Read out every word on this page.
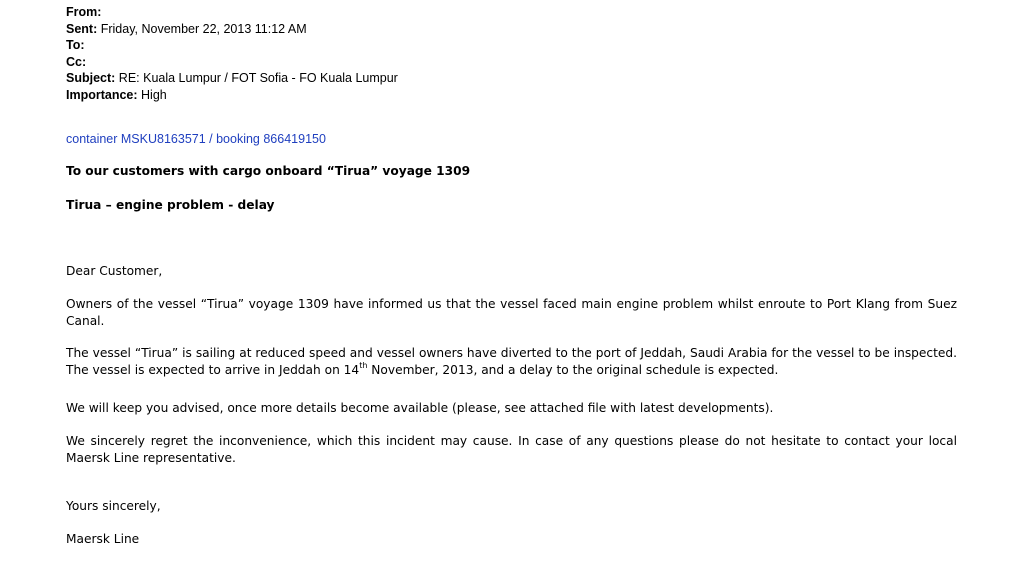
From:
Sent: Friday, November 22, 2013 11:12 AM
To:
Cc:
Subject: RE: Kuala Lumpur / FOT Sofia - FO Kuala Lumpur
Importance: High
container MSKU8163571 / booking 866419150
To our customers with cargo onboard “Tirua” voyage 1309
Tirua – engine problem - delay
Dear Customer,
Owners of the vessel “Tirua” voyage 1309 have informed us that the vessel faced main engine problem whilst enroute to Port Klang from Suez Canal.
The vessel “Tirua” is sailing at reduced speed and vessel owners have diverted to the port of Jeddah, Saudi Arabia for the vessel to be inspected. The vessel is expected to arrive in Jeddah on 14th November, 2013, and a delay to the original schedule is expected.
We will keep you advised, once more details become available (please, see attached file with latest developments).
We sincerely regret the inconvenience, which this incident may cause. In case of any questions please do not hesitate to contact your local Maersk Line representative.
Yours sincerely,
Maersk Line
